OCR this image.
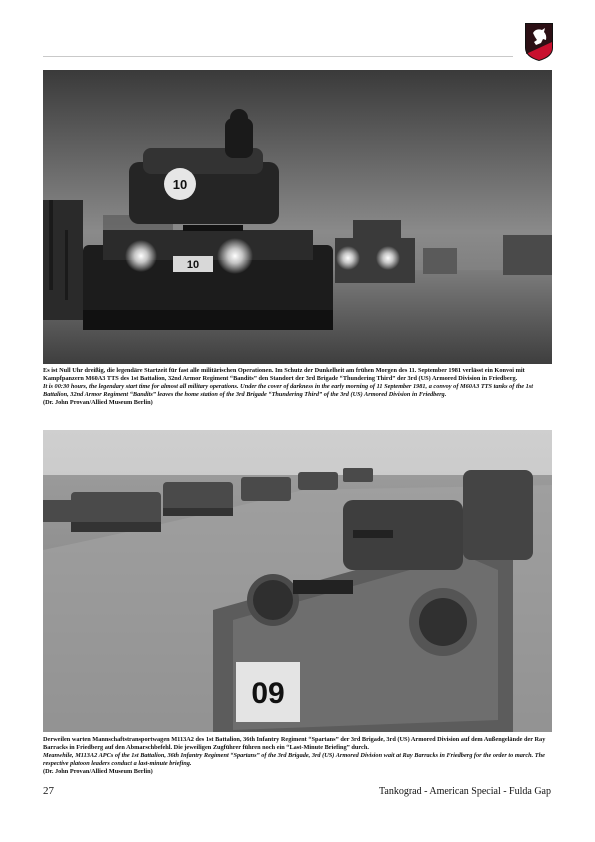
10
10

Es ist Null Uhr dreißig, die legendäre Startzeit für fast alle militärischen Operationen. Im Schutz der Dunkelheit am frühen Morgen des 11. September 1981 verlässt ein Konvoi mit Kampfpanzern M60A3 TTS des 1st Battalion, 32nd Armor Regiment “Bandits” den Standort der 3rd Brigade “Thundering Third” der 3rd (US) Armored Division in Friedberg.

It is 00:30 hours, the legendary start time for almost all military operations. Under the cover of darkness in the early morning of 11 September 1981, a convoy of M60A3 TTS tanks of the 1st Battalion, 32nd Armor Regiment “Bandits” leaves the home station of the 3rd Brigade “Thundering Third” of the 3rd (US) Armored Division in Friedberg.

(Dr. John Provan/Allied Museum Berlin)

09

Derweilen warten Mannschaftstransportwagen M113A2 des 1st Battalion, 36th Infantry Regiment “Spartans” der 3rd Brigade, 3rd (US) Armored Division auf dem Außengelände der Ray Barracks in Friedberg auf den Abmarschbefehl. Die jeweiligen Zugführer führen noch ein “Last-Minute Briefing” durch.

Meanwhile, M113A2 APCs of the 1st Battalion, 36th Infantry Regiment “Spartans” of the 3rd Brigade, 3rd (US) Armored Division wait at Ray Barracks in Friedberg for the order to march. The respective platoon leaders conduct a last-minute briefing.

(Dr. John Provan/Allied Museum Berlin)

27	Tankograd - American Special - Fulda Gap
